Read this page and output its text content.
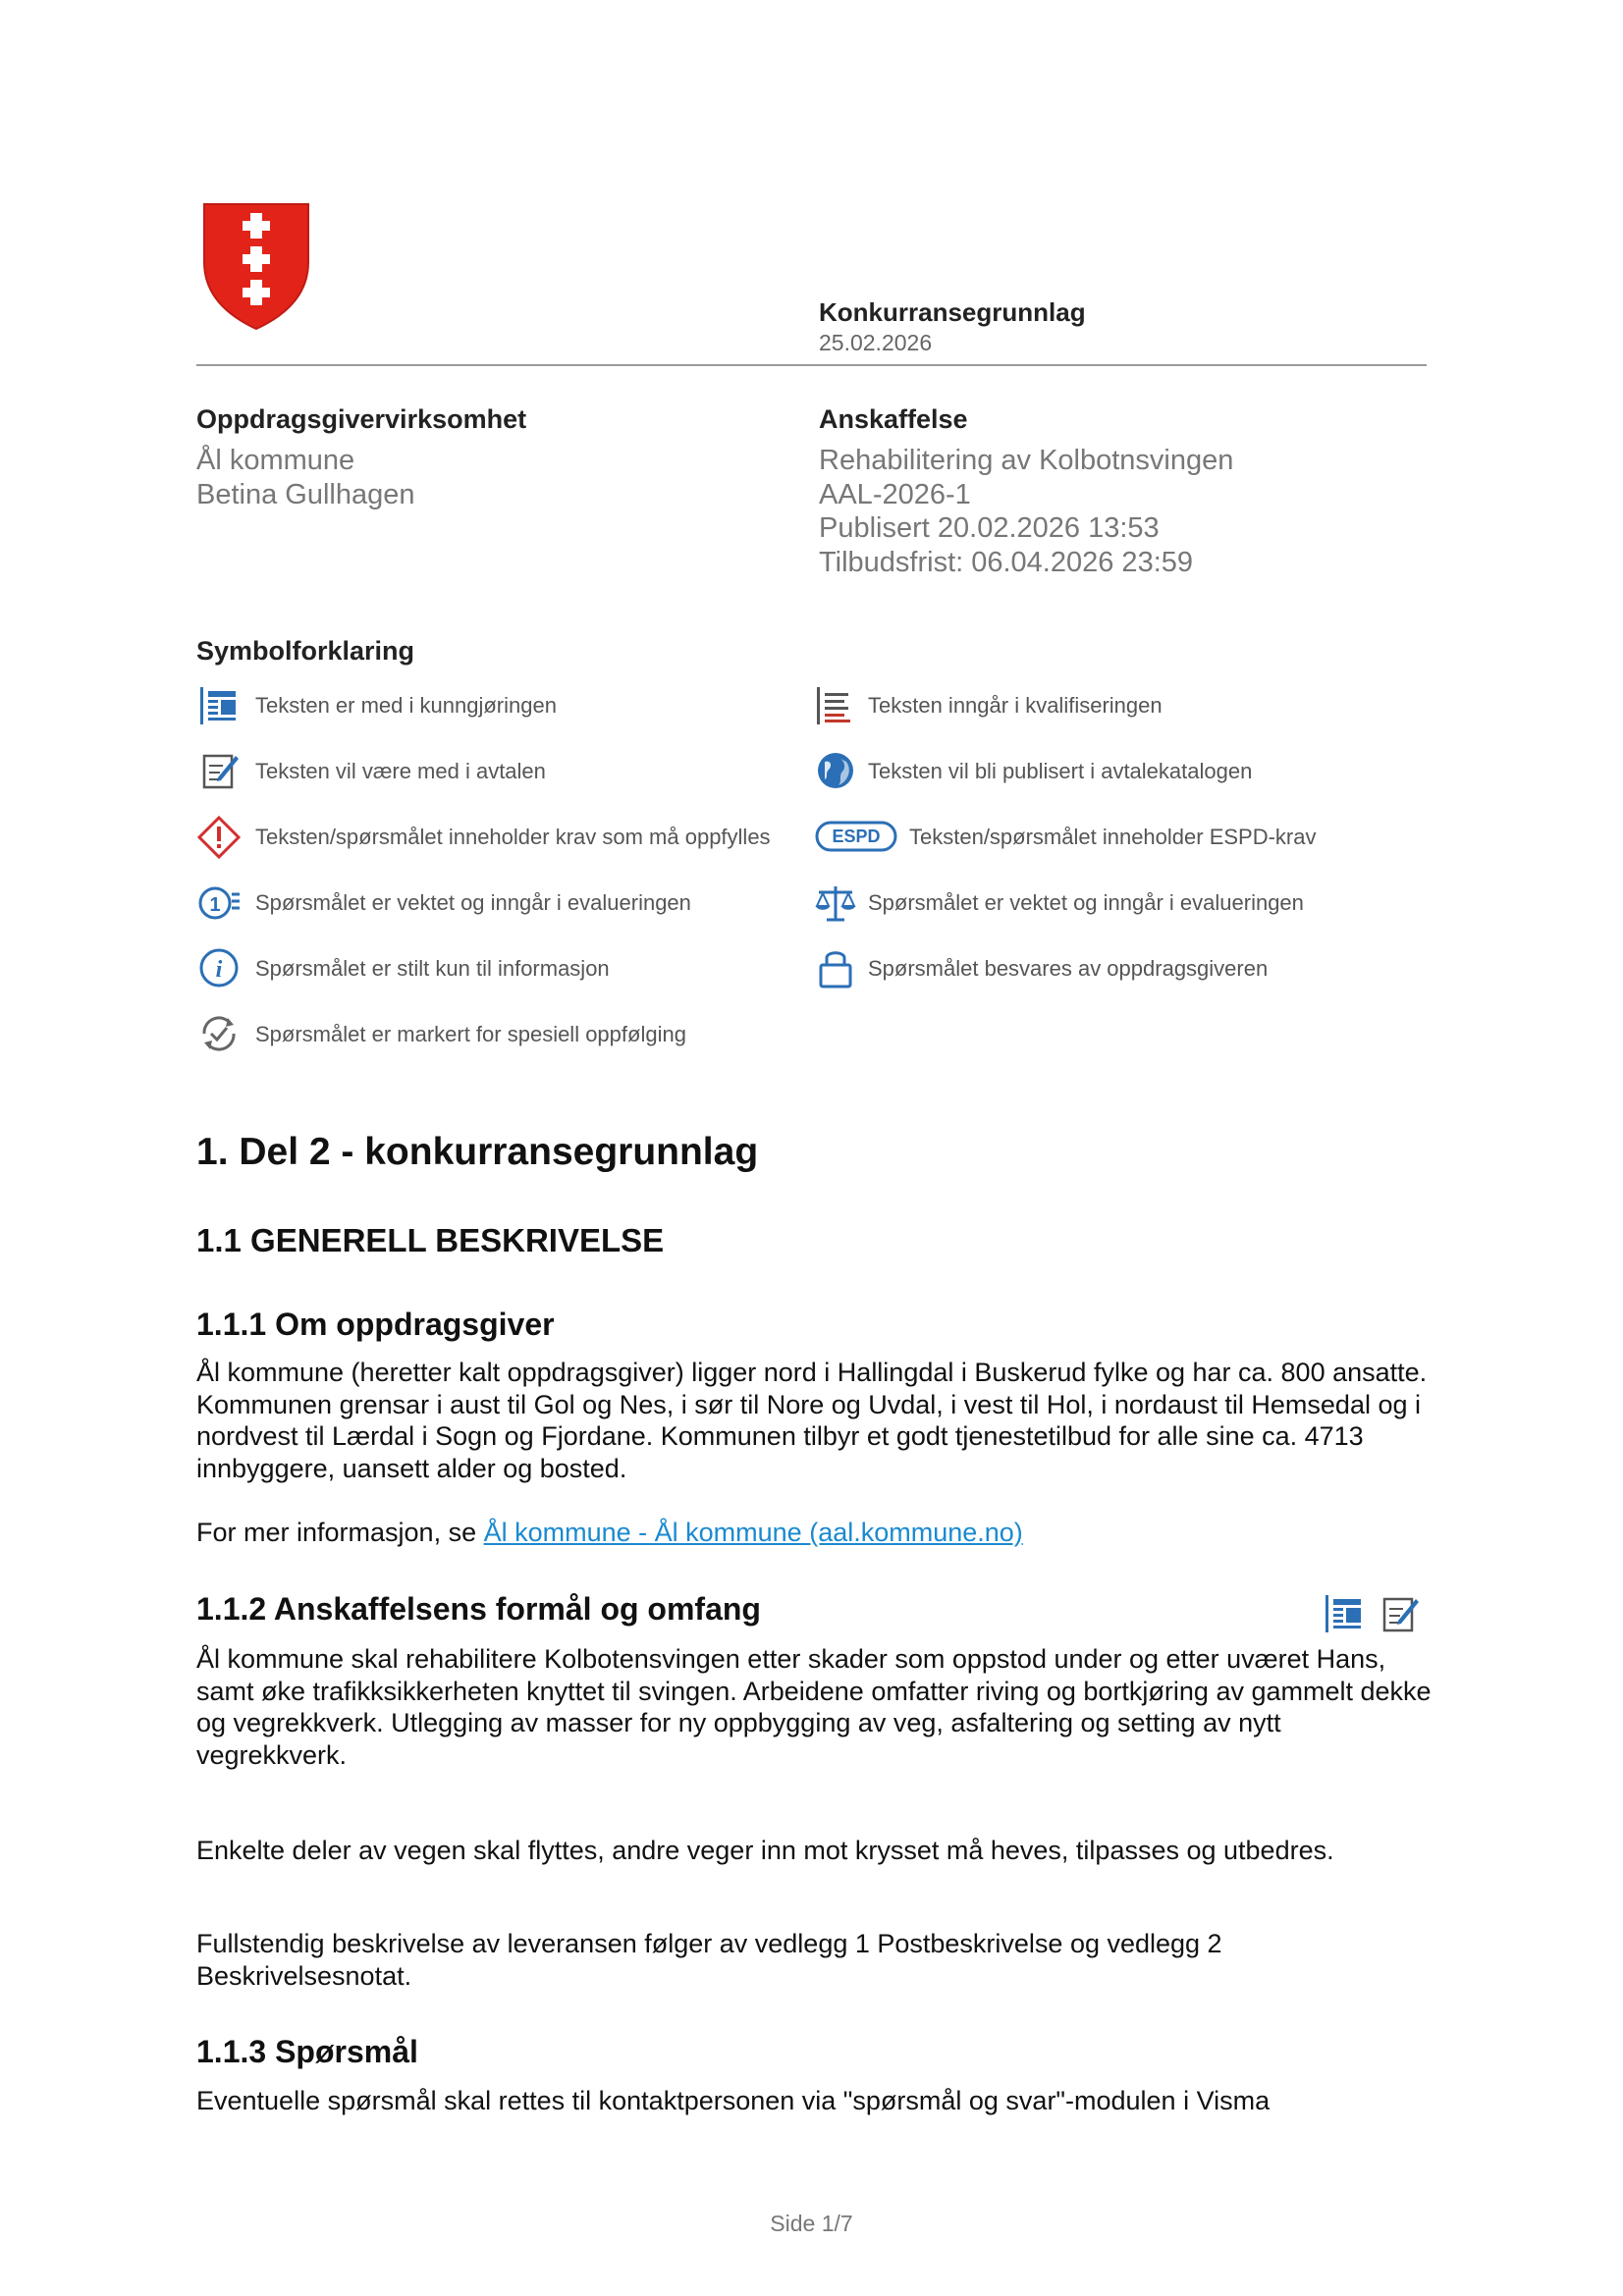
Konkurransegrunnlag
25.02.2026
Oppdragsgivervirksomhet
Ål kommune
Betina Gullhagen
Anskaffelse
Rehabilitering av Kolbotnsvingen
AAL-2026-1
Publisert 20.02.2026 13:53
Tilbudsfrist: 06.04.2026 23:59
Symbolforklaring
Teksten er med i kunngjøringen	Teksten inngår i kvalifiseringen
Teksten vil være med i avtalen	Teksten vil bli publisert i avtalekatalogen
Teksten/spørsmålet inneholder krav som må oppfylles	ESPD Teksten/spørsmålet inneholder ESPD-krav
1 Spørsmålet er vektet og inngår i evalueringen	Spørsmålet er vektet og inngår i evalueringen
i Spørsmålet er stilt kun til informasjon	Spørsmålet besvares av oppdragsgiveren
Spørsmålet er markert for spesiell oppfølging
1. Del 2 - konkurransegrunnlag
1.1 GENERELL BESKRIVELSE
1.1.1 Om oppdragsgiver
Ål kommune (heretter kalt oppdragsgiver) ligger nord i Hallingdal i Buskerud fylke og har ca. 800 ansatte. Kommunen grensar i aust til Gol og Nes, i sør til Nore og Uvdal, i vest til Hol, i nordaust til Hemsedal og i nordvest til Lærdal i Sogn og Fjordane. Kommunen tilbyr et godt tjenestetilbud for alle sine ca. 4713 innbyggere, uansett alder og bosted.
For mer informasjon, se Ål kommune - Ål kommune (aal.kommune.no)
1.1.2 Anskaffelsens formål og omfang
Ål kommune skal rehabilitere Kolbotensvingen etter skader som oppstod under og etter uværet Hans, samt øke trafikksikkerheten knyttet til svingen. Arbeidene omfatter riving og bortkjøring av gammelt dekke og vegrekkverk. Utlegging av masser for ny oppbygging av veg, asfaltering og setting av nytt vegrekkverk.
Enkelte deler av vegen skal flyttes, andre veger inn mot krysset må heves, tilpasses og utbedres.
Fullstendig beskrivelse av leveransen følger av vedlegg 1 Postbeskrivelse og vedlegg 2 Beskrivelsesnotat.
1.1.3 Spørsmål
Eventuelle spørsmål skal rettes til kontaktpersonen via "spørsmål og svar"-modulen i Visma
Side 1/7
